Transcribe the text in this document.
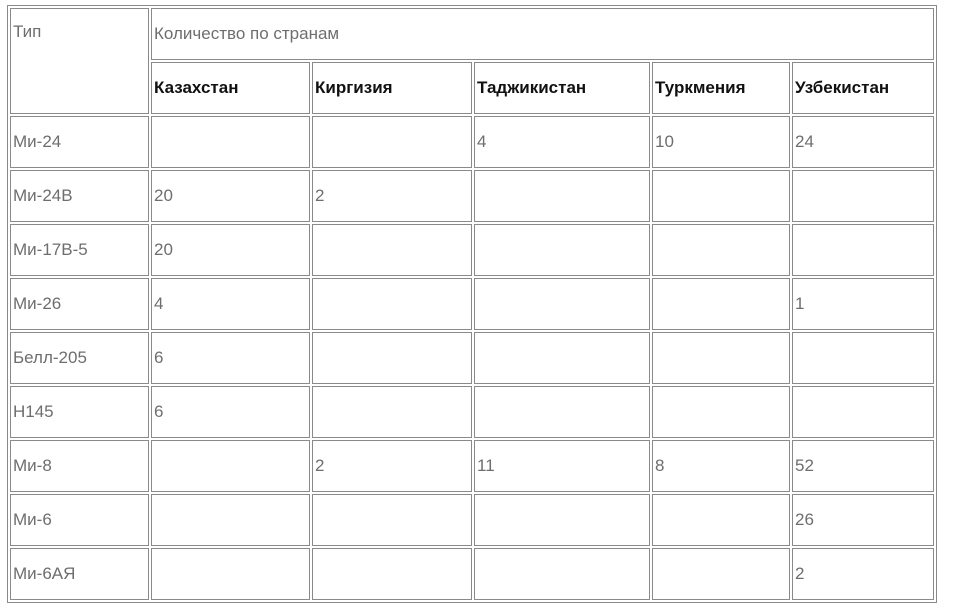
Тип	Количество по странам				
	Казахстан	Киргизия	Таджикистан	Туркмения	Узбекистан
Ми-24			4	10	24
Ми-24В	20	2			
Ми-17В-5	20				
Ми-26	4				1
Белл-205	6				
H145	6				
Ми-8		2	11	8	52
Ми-6					26
Ми-6АЯ					2
